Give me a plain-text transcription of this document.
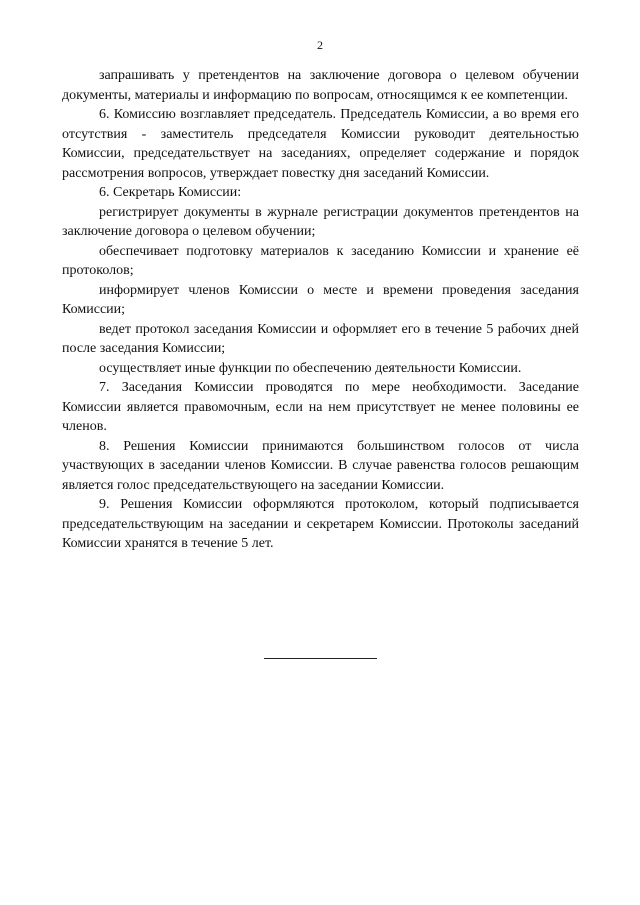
2

запрашивать у претендентов на заключение договора о целевом обучении документы, материалы и информацию по вопросам, относящимся к ее компетенции.

6. Комиссию возглавляет председатель. Председатель Комиссии, а во время его отсутствия - заместитель председателя Комиссии руководит деятельностью Комиссии, председательствует на заседаниях, определяет содержание и порядок рассмотрения вопросов, утверждает повестку дня заседаний Комиссии.

6. Секретарь Комиссии:

регистрирует документы в журнале регистрации документов претендентов на заключение договора о целевом обучении;

обеспечивает подготовку материалов к заседанию Комиссии и хранение её протоколов;

информирует членов Комиссии о месте и времени проведения заседания Комиссии;

ведет протокол заседания Комиссии и оформляет его в течение 5 рабочих дней после заседания Комиссии;

осуществляет иные функции по обеспечению деятельности Комиссии.

7. Заседания Комиссии проводятся по мере необходимости. Заседание Комиссии является правомочным, если на нем присутствует не менее половины ее членов.

8. Решения Комиссии принимаются большинством голосов от числа участвующих в заседании членов Комиссии. В случае равенства голосов решающим является голос председательствующего на заседании Комиссии.

9. Решения Комиссии оформляются протоколом, который подписывается председательствующим на заседании и секретарем Комиссии. Протоколы заседаний Комиссии хранятся в течение 5 лет.
